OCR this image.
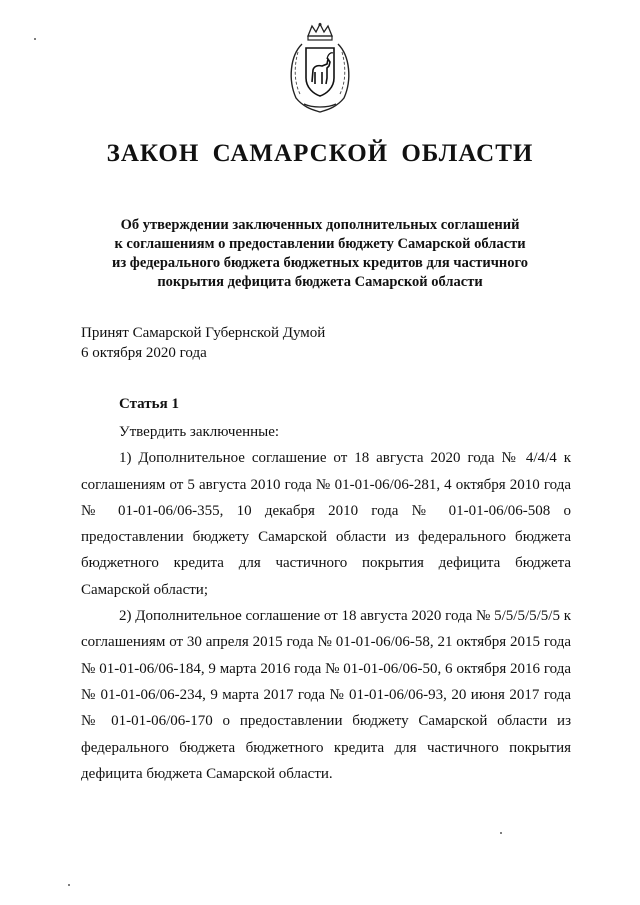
ЗАКОН САМАРСКОЙ ОБЛАСТИ
Об утверждении заключенных дополнительных соглашений
к соглашениям о предоставлении бюджету Самарской области
из федерального бюджета бюджетных кредитов для частичного
покрытия дефицита бюджета Самарской области
Принят Самарской Губернской Думой
6 октября 2020 года
Статья 1

Утвердить заключенные:

1) Дополнительное соглашение от 18 августа 2020 года № 4/4/4 к соглашениям от 5 августа 2010 года № 01-01-06/06-281, 4 октября 2010 года № 01-01-06/06-355, 10 декабря 2010 года № 01-01-06/06-508 о предоставлении бюджету Самарской области из федерального бюджета бюджетного кредита для частичного покрытия дефицита бюджета Самарской области;

2) Дополнительное соглашение от 18 августа 2020 года № 5/5/5/5/5/5 к соглашениям от 30 апреля 2015 года № 01-01-06/06-58, 21 октября 2015 года № 01-01-06/06-184, 9 марта 2016 года № 01-01-06/06-50, 6 октября 2016 года № 01-01-06/06-234, 9 марта 2017 года № 01-01-06/06-93, 20 июня 2017 года № 01-01-06/06-170 о предоставлении бюджету Самарской области из федерального бюджета бюджетного кредита для частичного покрытия дефицита бюджета Самарской области.
